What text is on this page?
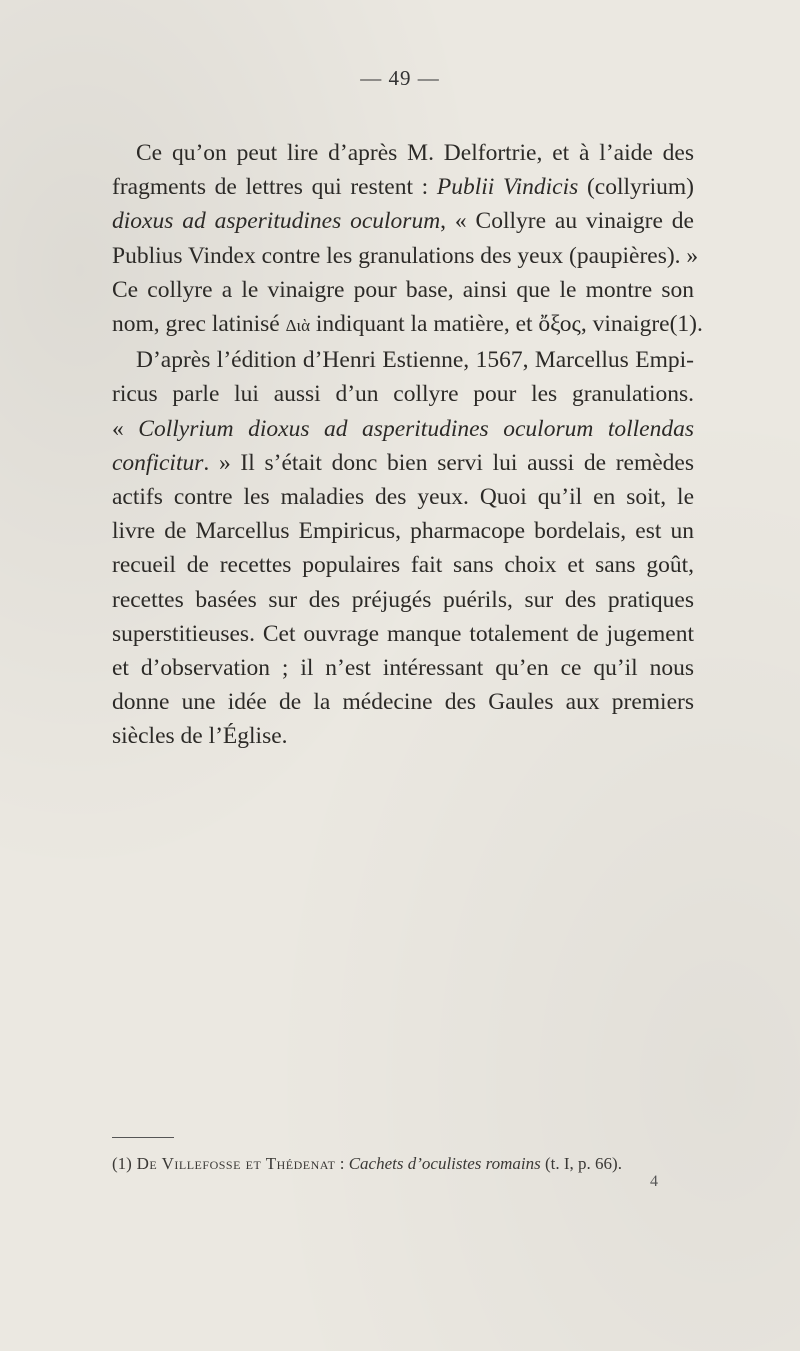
— 49 —
Ce qu’on peut lire d’après M. Delfortrie, et à l’aide des
fragments de lettres qui restent : Publii Vindicis (collyrium)
dioxus ad asperitudines oculorum, « Collyre au vinaigre de
Publius Vindex contre les granulations des yeux (paupières). »
Ce collyre a le vinaigre pour base, ainsi que le montre son
nom, grec latinisé Διὰ indiquant la matière, et ὄξος, vinaigre(1).
D’après l’édition d’Henri Estienne, 1567, Marcellus Empi-
ricus parle lui aussi d’un collyre pour les granulations.
« Collyrium dioxus ad asperitudines oculorum tollendas
conficitur. » Il s’était donc bien servi lui aussi de remèdes
actifs contre les maladies des yeux. Quoi qu’il en soit, le
livre de Marcellus Empiricus, pharmacope bordelais, est un
recueil de recettes populaires fait sans choix et sans goût,
recettes basées sur des préjugés puérils, sur des pratiques
superstitieuses. Cet ouvrage manque totalement de jugement
et d’observation ; il n’est intéressant qu’en ce qu’il nous
donne une idée de la médecine des Gaules aux premiers
siècles de l’Église.
(1) De Villefosse et Thédenat : Cachets d’oculistes romains (t. I, p. 66).
4
